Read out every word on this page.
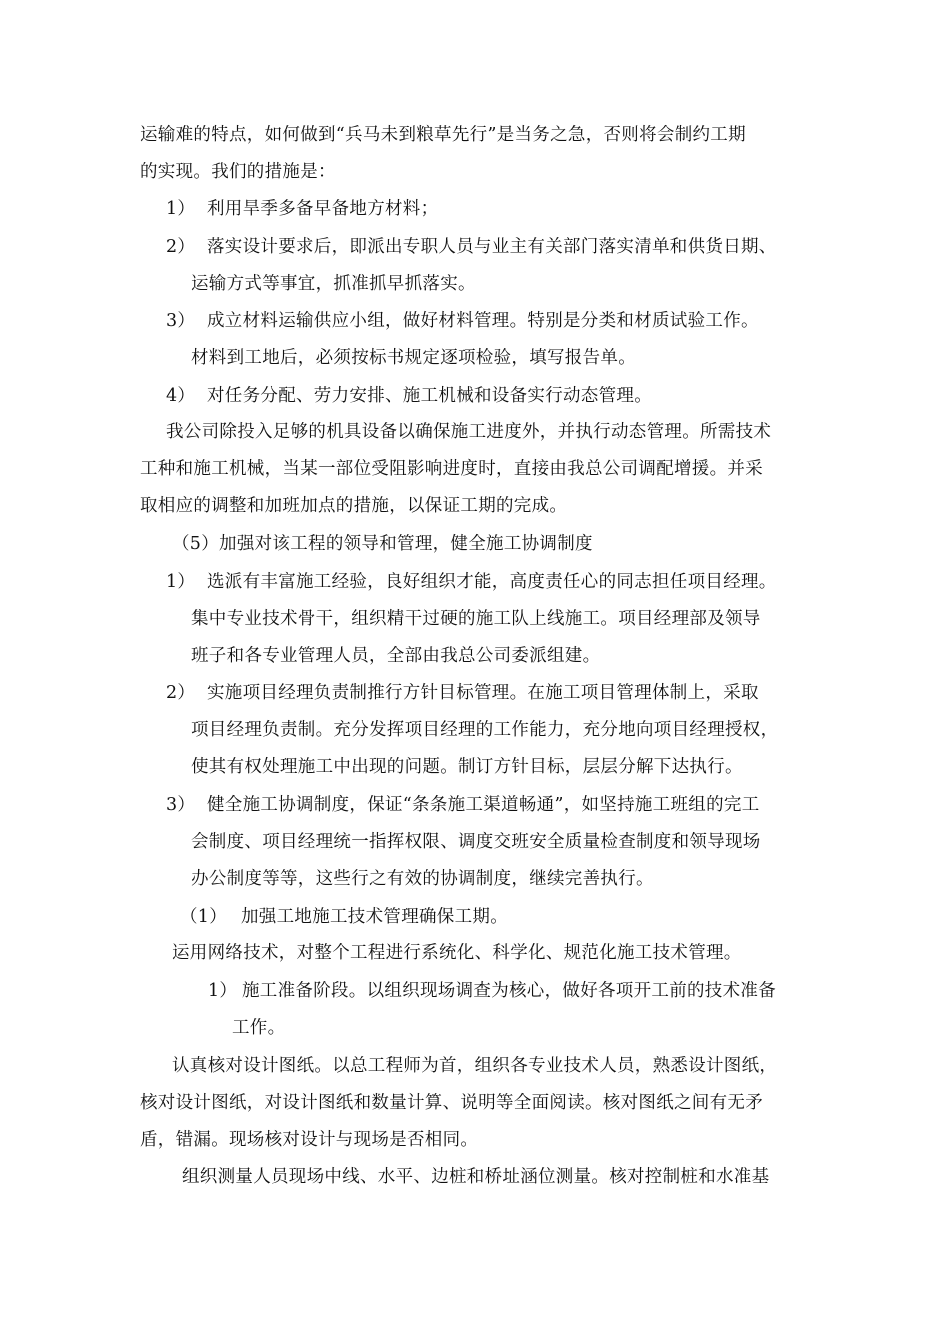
运输难的特点，如何做到“兵马未到粮草先行”是当务之急，否则将会制约工期
的实现。我们的措施是：
1） 利用旱季多备早备地方材料；
2） 落实设计要求后，即派出专职人员与业主有关部门落实清单和供货日期、
运输方式等事宜，抓准抓早抓落实。
3） 成立材料运输供应小组，做好材料管理。特别是分类和材质试验工作。
材料到工地后，必须按标书规定逐项检验，填写报告单。
4） 对任务分配、劳力安排、施工机械和设备实行动态管理。
我公司除投入足够的机具设备以确保施工进度外，并执行动态管理。所需技术
工种和施工机械，当某一部位受阻影响进度时，直接由我总公司调配增援。并采
取相应的调整和加班加点的措施，以保证工期的完成。
（5）加强对该工程的领导和管理，健全施工协调制度
1） 选派有丰富施工经验，良好组织才能，高度责任心的同志担任项目经理。
集中专业技术骨干，组织精干过硬的施工队上线施工。项目经理部及领导
班子和各专业管理人员，全部由我总公司委派组建。
2） 实施项目经理负责制推行方针目标管理。在施工项目管理体制上，采取
项目经理负责制。充分发挥项目经理的工作能力，充分地向项目经理授权，
使其有权处理施工中出现的问题。制订方针目标，层层分解下达执行。
3） 健全施工协调制度，保证“条条施工渠道畅通”，如坚持施工班组的完工
会制度、项目经理统一指挥权限、调度交班安全质量检查制度和领导现场
办公制度等等，这些行之有效的协调制度，继续完善执行。
（1） 加强工地施工技术管理确保工期。
运用网络技术，对整个工程进行系统化、科学化、规范化施工技术管理。
1） 施工准备阶段。以组织现场调查为核心，做好各项开工前的技术准备
工作。
认真核对设计图纸。以总工程师为首，组织各专业技术人员，熟悉设计图纸，
核对设计图纸，对设计图纸和数量计算、说明等全面阅读。核对图纸之间有无矛
盾，错漏。现场核对设计与现场是否相同。
组织测量人员现场中线、水平、边桩和桥址涵位测量。核对控制桩和水准基
